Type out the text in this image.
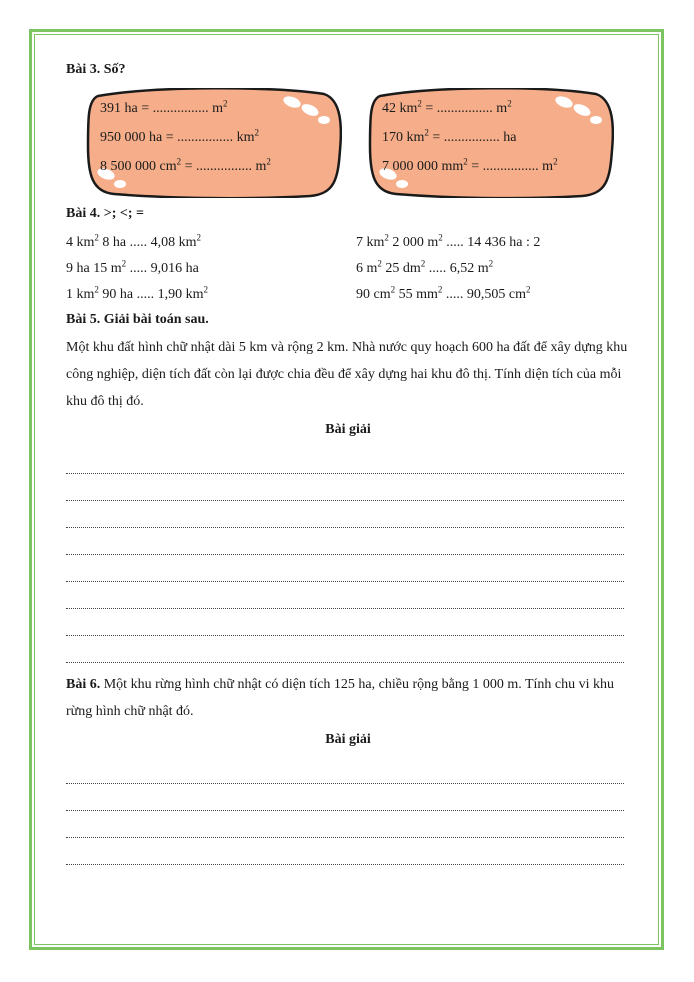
Bài 3. Số?
391 ha = ................ $m^2$
950 000 ha = ................ $km^2$
8 500 000 $cm^2$ = ................ $m^2$
42 $km^2$ = ................ $m^2$
170 $km^2$ = ................ ha
7 000 000 $mm^2$ = ................ $m^2$
Bài 4. >; <; =
4 $km^2$ 8 ha ..... 4,08 $km^2$	7 $km^2$ 2 000 $m^2$ ..... 14 436 ha : 2
9 ha 15 $m^2$ ..... 9,016 ha	6 $m^2$ 25 $dm^2$ ..... 6,52 $m^2$
1 $km^2$ 90 ha ..... 1,90 $km^2$	90 $cm^2$ 55 $mm^2$ ..... 90,505 $cm^2$
Bài 5. Giải bài toán sau.
Một khu đất hình chữ nhật dài 5 km và rộng 2 km. Nhà nước quy hoạch 600 ha đất để xây dựng khu công nghiệp, diện tích đất còn lại được chia đều để xây dựng hai khu đô thị. Tính diện tích của mỗi khu đô thị đó.
Bài giải
Bài 6. Một khu rừng hình chữ nhật có diện tích 125 ha, chiều rộng bằng 1 000 m. Tính chu vi khu rừng hình chữ nhật đó.
Bài giải
